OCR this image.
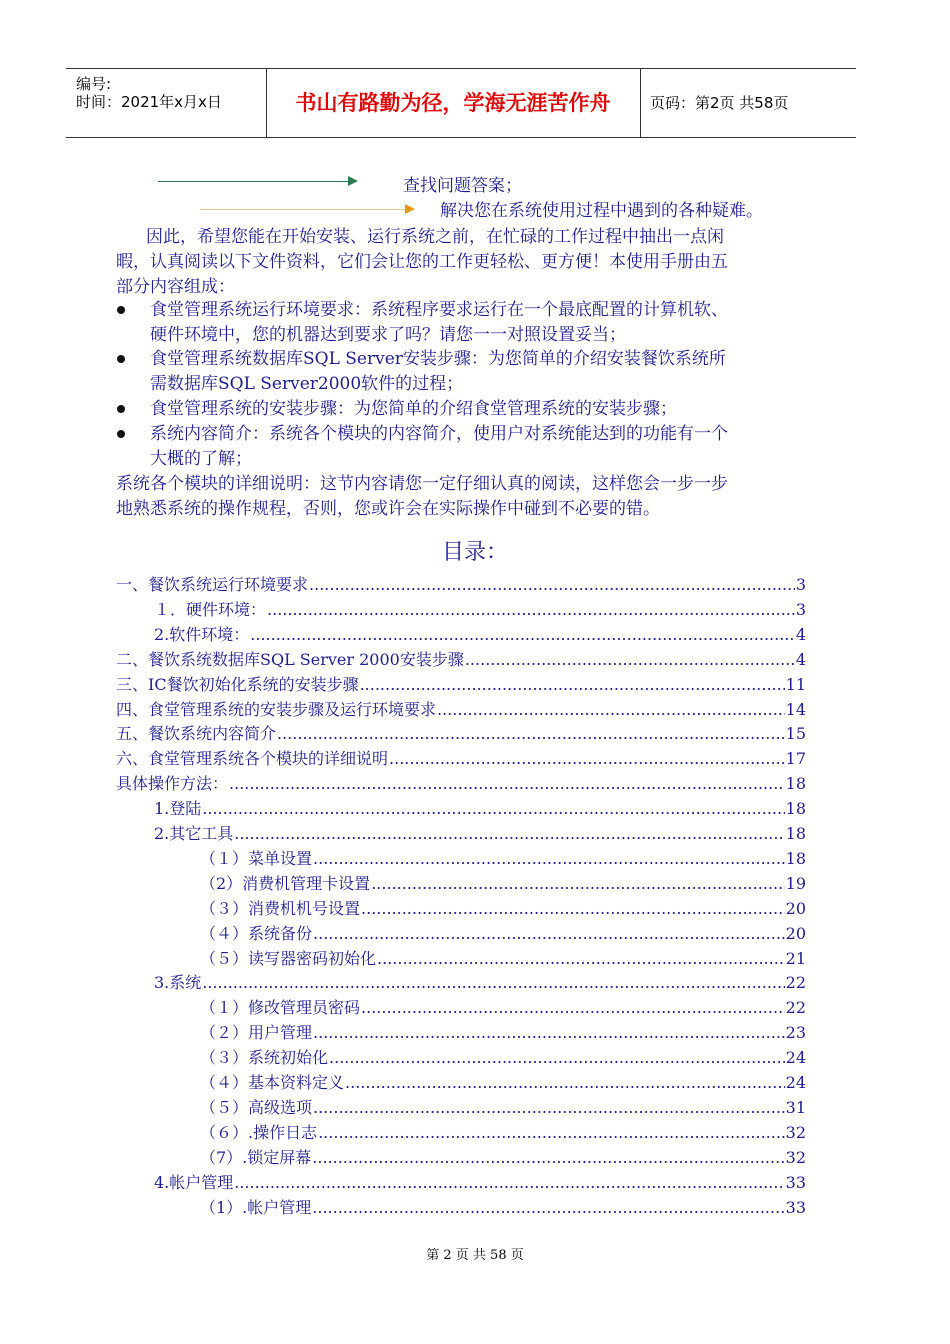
编号:
时间：2021年x月x日	书山有路勤为径，学海无涯苦作舟	页码：第2页 共58页
查找问题答案；
解决您在系统使用过程中遇到的各种疑难。
因此，希望您能在开始安装、运行系统之前，在忙碌的工作过程中抽出一点闲
暇，认真阅读以下文件资料，它们会让您的工作更轻松、更方便！本使用手册由五
部分内容组成：
食堂管理系统运行环境要求：系统程序要求运行在一个最底配置的计算机软、
硬件环境中，您的机器达到要求了吗？请您一一对照设置妥当；
食堂管理系统数据库SQL Server安装步骤：为您简单的介绍安装餐饮系统所
需数据库SQL Server2000软件的过程；
食堂管理系统的安装步骤：为您简单的介绍食堂管理系统的安装步骤；
系统内容简介：系统各个模块的内容简介，使用户对系统能达到的功能有一个
大概的了解；
系统各个模块的详细说明：这节内容请您一定仔细认真的阅读，这样您会一步一步
地熟悉系统的操作规程，否则，您或许会在实际操作中碰到不必要的错。
目录：
一、餐饮系统运行环境要求 .....	3
１．硬件环境： .....	3
2.软件环境： .....	4
二、餐饮系统数据库SQL Server 2000安装步骤 .....	4
三、IC餐饮初始化系统的安装步骤 .....	11
四、食堂管理系统的安装步骤及运行环境要求 .....	14
五、餐饮系统内容简介 .....	15
六、食堂管理系统各个模块的详细说明 .....	17
具体操作方法： .....	18
1.登陆 .....	18
2.其它工具 .....	18
（１）菜单设置 .....	18
（2）消费机管理卡设置 .....	19
（３）消费机机号设置 .....	20
（４）系统备份 .....	20
（５）读写器密码初始化 .....	21
3.系统 .....	22
（１）修改管理员密码 .....	22
（２）用户管理 .....	23
（３）系统初始化 .....	24
（４）基本资料定义 .....	24
（５）高级选项 .....	31
（６）.操作日志 .....	32
（7）.锁定屏幕 .....	32
4.帐户管理 .....	33
（1）.帐户管理 .....	33
第 2 页 共 58 页
